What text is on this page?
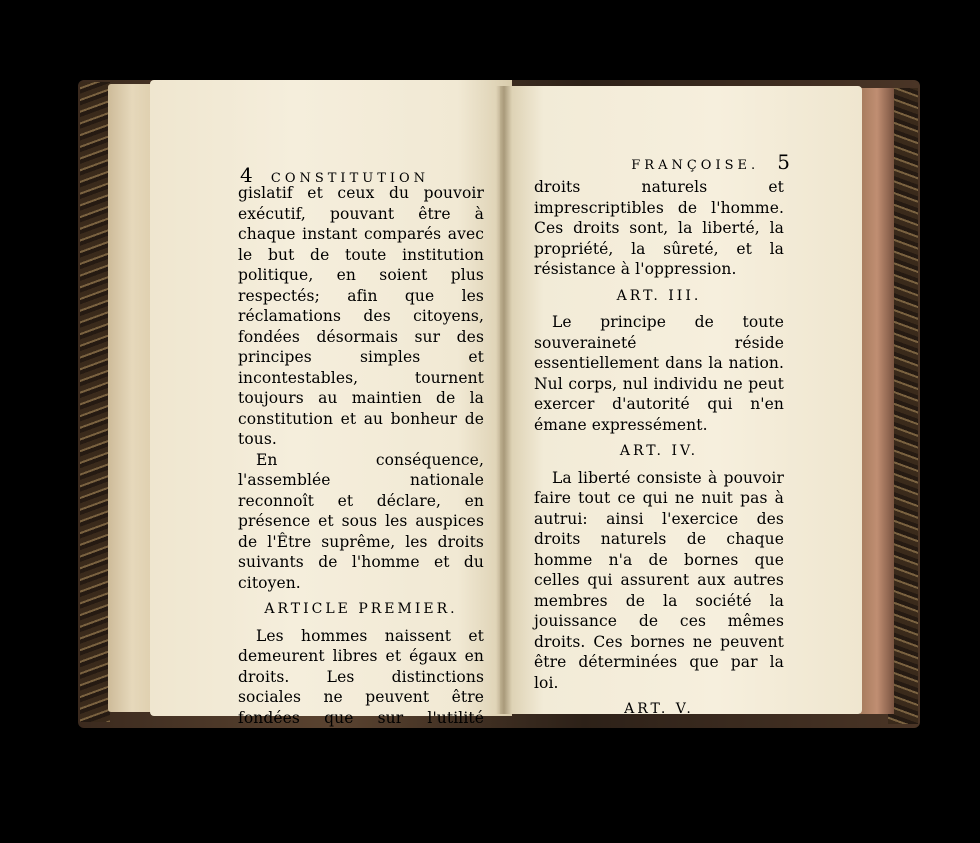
4 CONSTITUTION

gislatif et ceux du pouvoir exécutif, pouvant être à chaque instant comparés avec le but de toute institution politique, en soient plus respectés; afin que les réclamations des citoyens, fondées désormais sur des principes simples et incontestables, tournent toujours au maintien de la constitution et au bonheur de tous.

En conséquence, l'assemblée nationale reconnoît et déclare, en présence et sous les auspices de l'Être suprême, les droits suivants de l'homme et du citoyen.

ARTICLE PREMIER.

Les hommes naissent et demeurent libres et égaux en droits. Les distinctions sociales ne peuvent être fondées que sur l'utilité commune.

ART. II.

Le but de toute association politique est la conservation des

FRANÇOISE. 5

droits naturels et imprescriptibles de l'homme. Ces droits sont, la liberté, la propriété, la sûreté, et la résistance à l'oppression.

ART. III.

Le principe de toute souveraineté réside essentiellement dans la nation. Nul corps, nul individu ne peut exercer d'autorité qui n'en émane expressément.

ART. IV.

La liberté consiste à pouvoir faire tout ce qui ne nuit pas à autrui: ainsi l'exercice des droits naturels de chaque homme n'a de bornes que celles qui assurent aux autres membres de la société la jouissance de ces mêmes droits. Ces bornes ne peuvent être déterminées que par la loi.

ART. V.

La loi n'a le droit de défendre que
